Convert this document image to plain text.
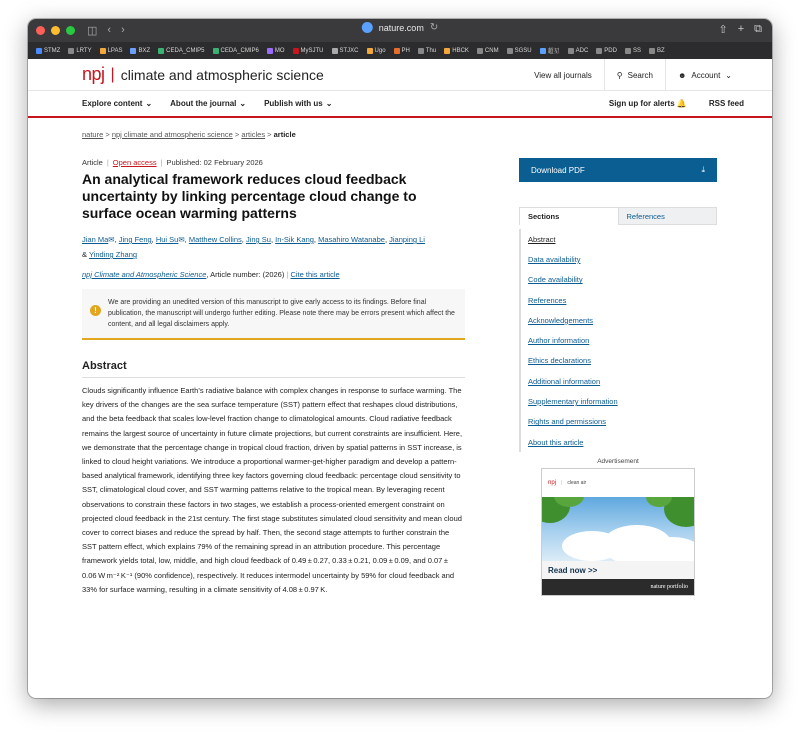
◫ ‹ ›	nature.com ↻	⇧ + ⧉
STMZ	LRTY	LPAS	BXZ	CEDA_CMIP5	CEDA_CMIP6	MO	MySJTU	STJXC	Ugo	PH	Thu	HBCK	CNM	SGSU	超星	ADC	PDD	SS	BZ
npj | climate and atmospheric science	View all journals	⚲ Search	☻ Account ⌄
Explore content ⌄ About the journal ⌄ Publish with us ⌄	Sign up for alerts 🔔	RSS feed
nature > npj climate and atmospheric science > articles > article
Article | Open access | Published: 02 February 2026
An analytical framework reduces cloud feedback uncertainty by linking percentage cloud change to surface ocean warming patterns
Jian Ma✉, Jing Feng, Hui Su✉, Matthew Collins, Jing Su, In-Sik Kang, Masahiro Watanabe, Jianping Li
& Yinding Zhang
npj Climate and Atmospheric Science, Article number: (2026) | Cite this article
!
We are providing an unedited version of this manuscript to give early access to its findings. Before final publication, the manuscript will undergo further editing. Please note there may be errors present which affect the content, and all legal disclaimers apply.
Abstract

Clouds significantly influence Earth’s radiative balance with complex changes in response to surface warming. The key drivers of the changes are the sea surface temperature (SST) pattern effect that reshapes cloud distributions, and the beta feedback that scales low-level fraction change to climatological amounts. Cloud radiative feedback remains the largest source of uncertainty in future climate projections, but current constraints are insufficient. Here, we demonstrate that the percentage change in tropical cloud fraction, driven by spatial patterns in SST increase, is linked to cloud height variations. We introduce a proportional warmer-get-higher paradigm and develop a pattern-based analytical framework, identifying three key factors governing cloud feedback: percentage cloud sensitivity to SST, climatological cloud cover, and SST warming patterns relative to the tropical mean. By leveraging recent observations to constrain these factors in two stages, we establish a process-oriented emergent constraint on projected cloud feedback in the 21st century. The first stage substitutes simulated cloud sensitivity and mean cloud cover to correct biases and reduce the spread by half. Then, the second stage attempts to further constrain the SST pattern effect, which explains 79% of the remaining spread in an attribution procedure. This percentage framework yields total, low, middle, and high cloud feedback of 0.49 ± 0.27, 0.33 ± 0.21, 0.09 ± 0.09, and 0.07 ± 0.06 W m⁻² K⁻¹ (90% confidence), respectively. It reduces intermodel uncertainty by 59% for cloud feedback and 33% for surface warming, resulting in a climate sensitivity of 4.08 ± 0.97 K.

Download PDF	⤓
Sections	References
Abstract
Data availability
Code availability
References
Acknowledgements
Author information
Ethics declarations
Additional information
Supplementary information
Rights and permissions
About this article
Advertisement
npj | clean air
Read now >>
nature portfolio
